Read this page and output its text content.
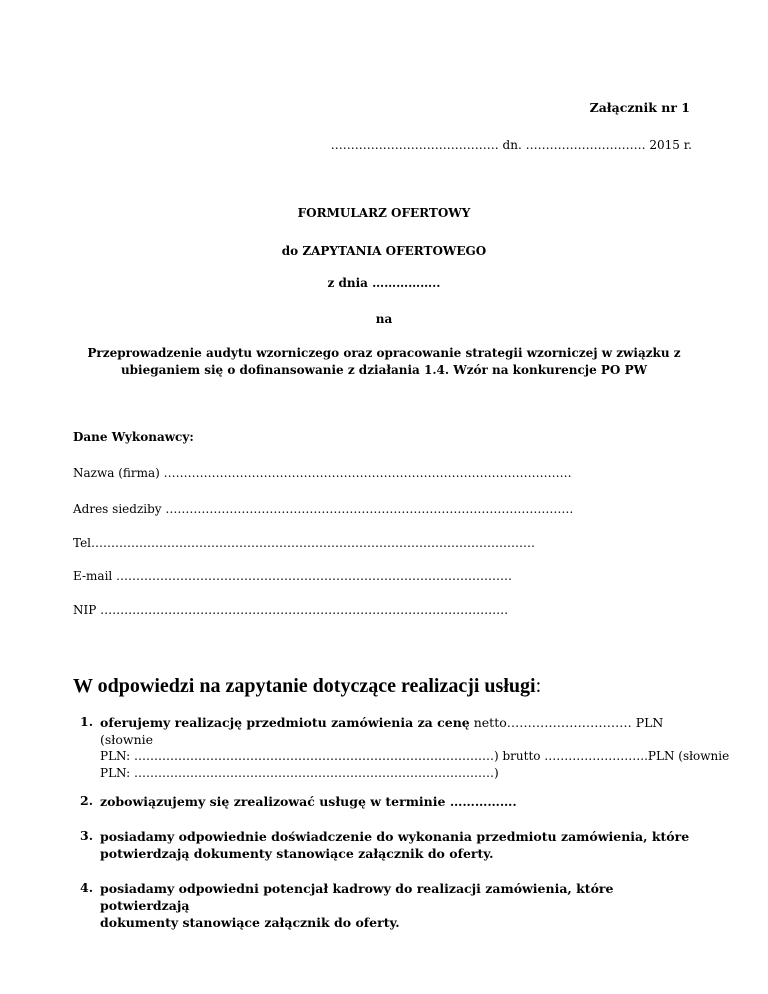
Załącznik nr 1
…………………………………… dn. ………………………… 2015 r.
FORMULARZ OFERTOWY
do ZAPYTANIA OFERTOWEGO
z dnia ……………..
na
Przeprowadzenie audytu wzorniczego oraz opracowanie strategii wzorniczej w związku z
ubieganiem się o dofinansowanie z działania 1.4. Wzór na konkurencje PO PW
Dane Wykonawcy:
Nazwa (firma) …………………………………………………………………………………………
Adres siedziby …………………………………………………………………………………………
Tel…………………………………………………………………………………………………
E-mail ………………………………………………………………………………………
NIP …………………………………………………………………………………………
W odpowiedzi na zapytanie dotyczące realizacji usługi:
1. oferujemy realizację przedmiotu zamówienia za cenę netto………………………… PLN (słownie
PLN: ………………………………………………………………………………) brutto ……………………..PLN (słownie
PLN: ………………………………………………………………………………)
2. zobowiązujemy się zrealizować usługę w terminie …………….
3. posiadamy odpowiednie doświadczenie do wykonania przedmiotu zamówienia, które
potwierdzają dokumenty stanowiące załącznik do oferty.
4. posiadamy odpowiedni potencjał kadrowy do realizacji zamówienia, które potwierdzają
dokumenty stanowiące załącznik do oferty.
